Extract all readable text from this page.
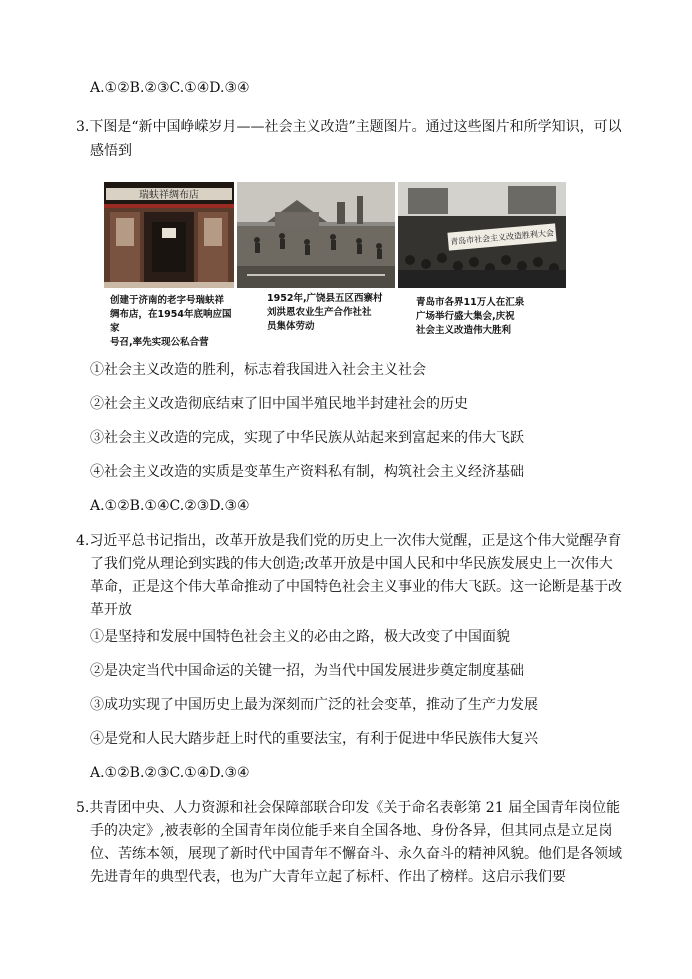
A.①②B.②③C.①④D.③④
3.下图是“新中国峥嵘岁月——社会主义改造”主题图片。通过这些图片和所学知识，可以
感悟到
瑞蚨祥绸布店
青岛市社会主义改造胜利大会
创建于济南的老字号瑞蚨祥
绸布店，在1954年底响应国家
号召,率先实现公私合营
1952年,广饶县五区西寨村
刘洪恩农业生产合作社社
员集体劳动
青岛市各界11万人在汇泉
广场举行盛大集会,庆祝
社会主义改造伟大胜利
①社会主义改造的胜利，标志着我国进入社会主义社会
②社会主义改造彻底结束了旧中国半殖民地半封建社会的历史
③社会主义改造的完成，实现了中华民族从站起来到富起来的伟大飞跃
④社会主义改造的实质是变革生产资料私有制，构筑社会主义经济基础
A.①②B.①④C.②③D.③④
4.习近平总书记指出，改革开放是我们党的历史上一次伟大觉醒，正是这个伟大觉醒孕育
了我们党从理论到实践的伟大创造;改革开放是中国人民和中华民族发展史上一次伟大
革命，正是这个伟大革命推动了中国特色社会主义事业的伟大飞跃。这一论断是基于改
革开放
①是坚持和发展中国特色社会主义的必由之路，极大改变了中国面貌
②是决定当代中国命运的关键一招，为当代中国发展进步奠定制度基础
③成功实现了中国历史上最为深刻而广泛的社会变革，推动了生产力发展
④是党和人民大踏步赶上时代的重要法宝，有利于促进中华民族伟大复兴
A.①②B.②③C.①④D.③④
5.共青团中央、人力资源和社会保障部联合印发《关于命名表彰第 21 届全国青年岗位能
手的决定》,被表彰的全国青年岗位能手来自全国各地、身份各异，但其同点是立足岗
位、苦练本领，展现了新时代中国青年不懈奋斗、永久奋斗的精神风貌。他们是各领域
先进青年的典型代表，也为广大青年立起了标杆、作出了榜样。这启示我们要
